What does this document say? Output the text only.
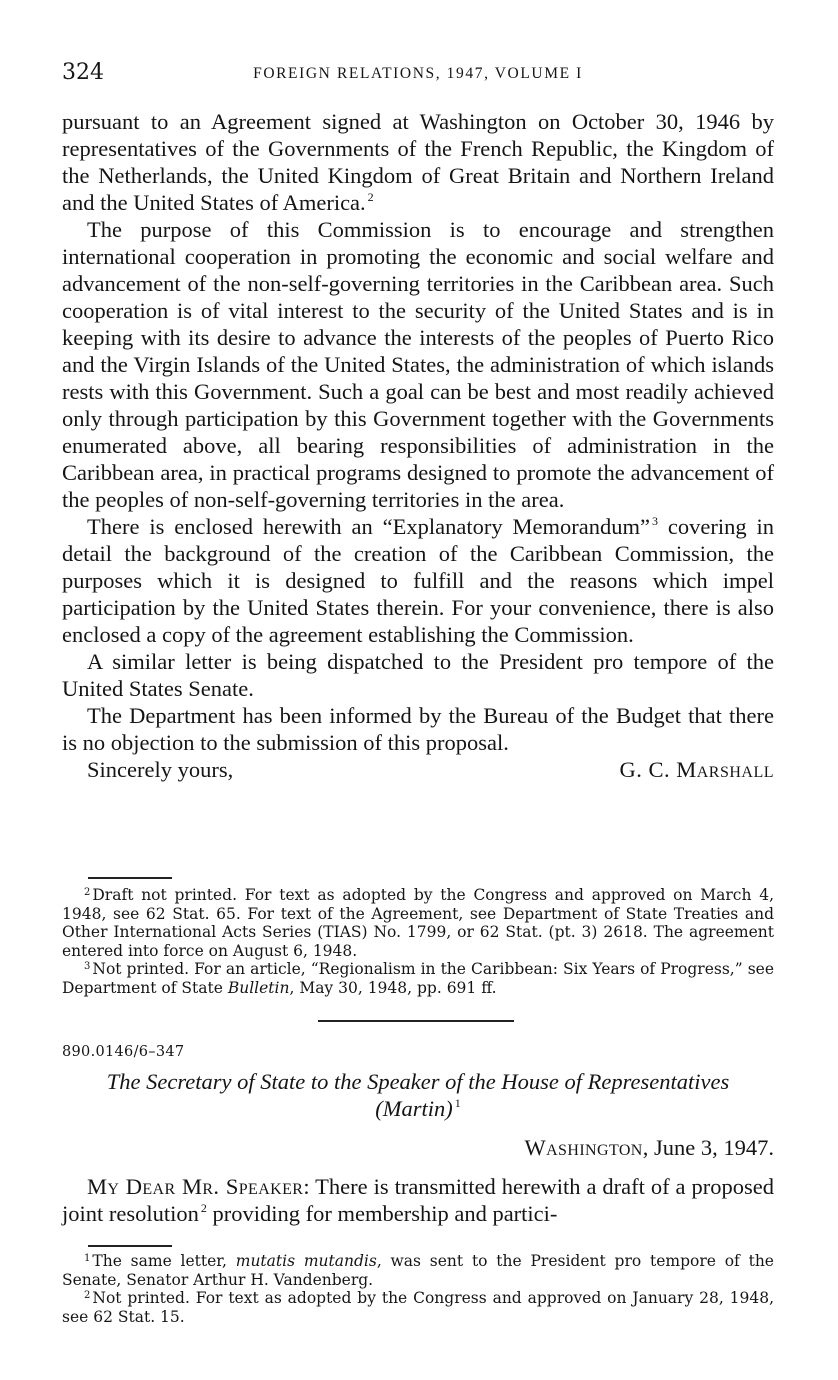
324	FOREIGN RELATIONS, 1947, VOLUME I

pursuant to an Agreement signed at Washington on October 30, 1946 by representatives of the Governments of the French Republic, the Kingdom of the Netherlands, the United Kingdom of Great Britain and Northern Ireland and the United States of America. $^2$

The purpose of this Commission is to encourage and strengthen international cooperation in promoting the economic and social welfare and advancement of the non-self-governing territories in the Caribbean area. Such cooperation is of vital interest to the security of the United States and is in keeping with its desire to advance the interests of the peoples of Puerto Rico and the Virgin Islands of the United States, the administration of which islands rests with this Government. Such a goal can be best and most readily achieved only through participation by this Government together with the Governments enumerated above, all bearing responsibilities of administration in the Caribbean area, in practical programs designed to promote the advancement of the peoples of non-self-governing territories in the area.

There is enclosed herewith an “Explanatory Memorandum” $^3$ covering in detail the background of the creation of the Caribbean Commission, the purposes which it is designed to fulfill and the reasons which impel participation by the United States therein. For your convenience, there is also enclosed a copy of the agreement establishing the Commission.

A similar letter is being dispatched to the President pro tempore of the United States Senate.

The Department has been informed by the Bureau of the Budget that there is no objection to the submission of this proposal.

Sincerely yours,	G. C. Marshall

$^2$ Draft not printed. For text as adopted by the Congress and approved on March 4, 1948, see 62 Stat. 65. For text of the Agreement, see Department of State Treaties and Other International Acts Series (TIAS) No. 1799, or 62 Stat. (pt. 3) 2618. The agreement entered into force on August 6, 1948.

$^3$ Not printed. For an article, “Regionalism in the Caribbean: Six Years of Progress,” see Department of State Bulletin, May 30, 1948, pp. 691 ff.

890.0146/6–347
The Secretary of State to the Speaker of the House of Representatives
(Martin) $^1$
Washington, June 3, 1947.

My Dear Mr. Speaker: There is transmitted herewith a draft of a proposed joint resolution $^2$ providing for membership and partici-

$^1$ The same letter, mutatis mutandis, was sent to the President pro tempore of the Senate, Senator Arthur H. Vandenberg.

$^2$ Not printed. For text as adopted by the Congress and approved on January 28, 1948, see 62 Stat. 15.
